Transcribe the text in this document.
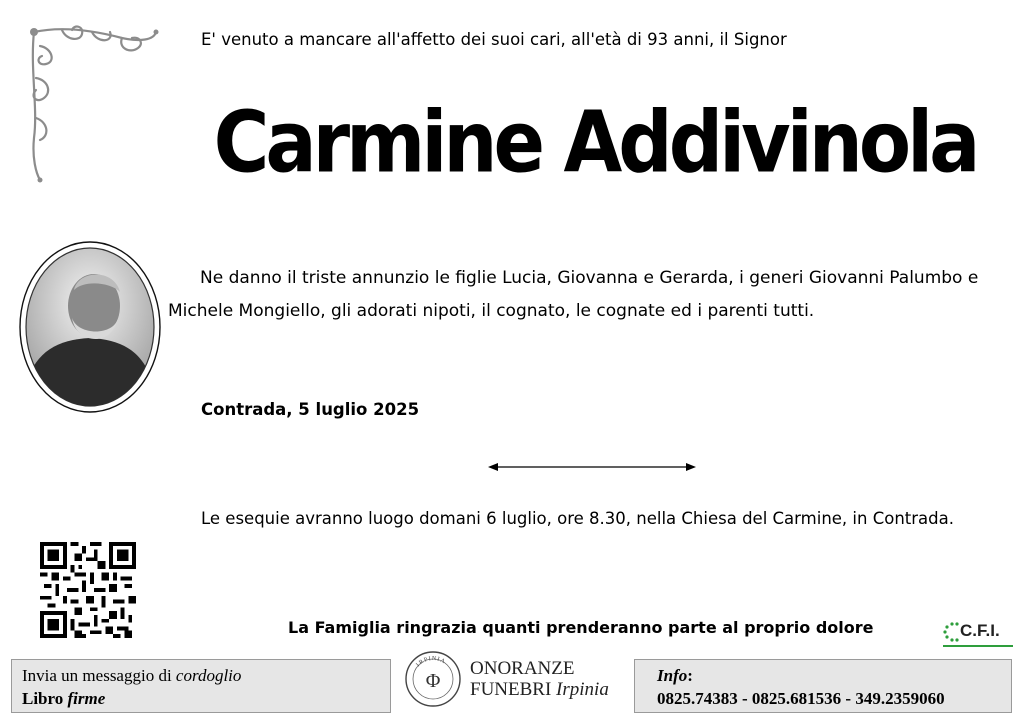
E' venuto a mancare all'affetto dei suoi cari, all'età di 93 anni, il Signor
Carmine Addivinola
Ne danno il triste annunzio le figlie Lucia, Giovanna e Gerarda, i generi Giovanni Palumbo e Michele Mongiello, gli adorati nipoti, il cognato, le cognate ed i parenti tutti.
Contrada, 5 luglio 2025
Le esequie avranno luogo domani 6 luglio, ore 8.30, nella Chiesa del Carmine, in Contrada.
La Famiglia ringrazia quanti prenderanno parte al proprio dolore	C.F.I.
Invia un messaggio di cordoglio
Libro firme
IRPINIA
Φ
ONORANZE
FUNEBRI Irpinia
Info:
0825.74383 - 0825.681536 - 349.2359060
